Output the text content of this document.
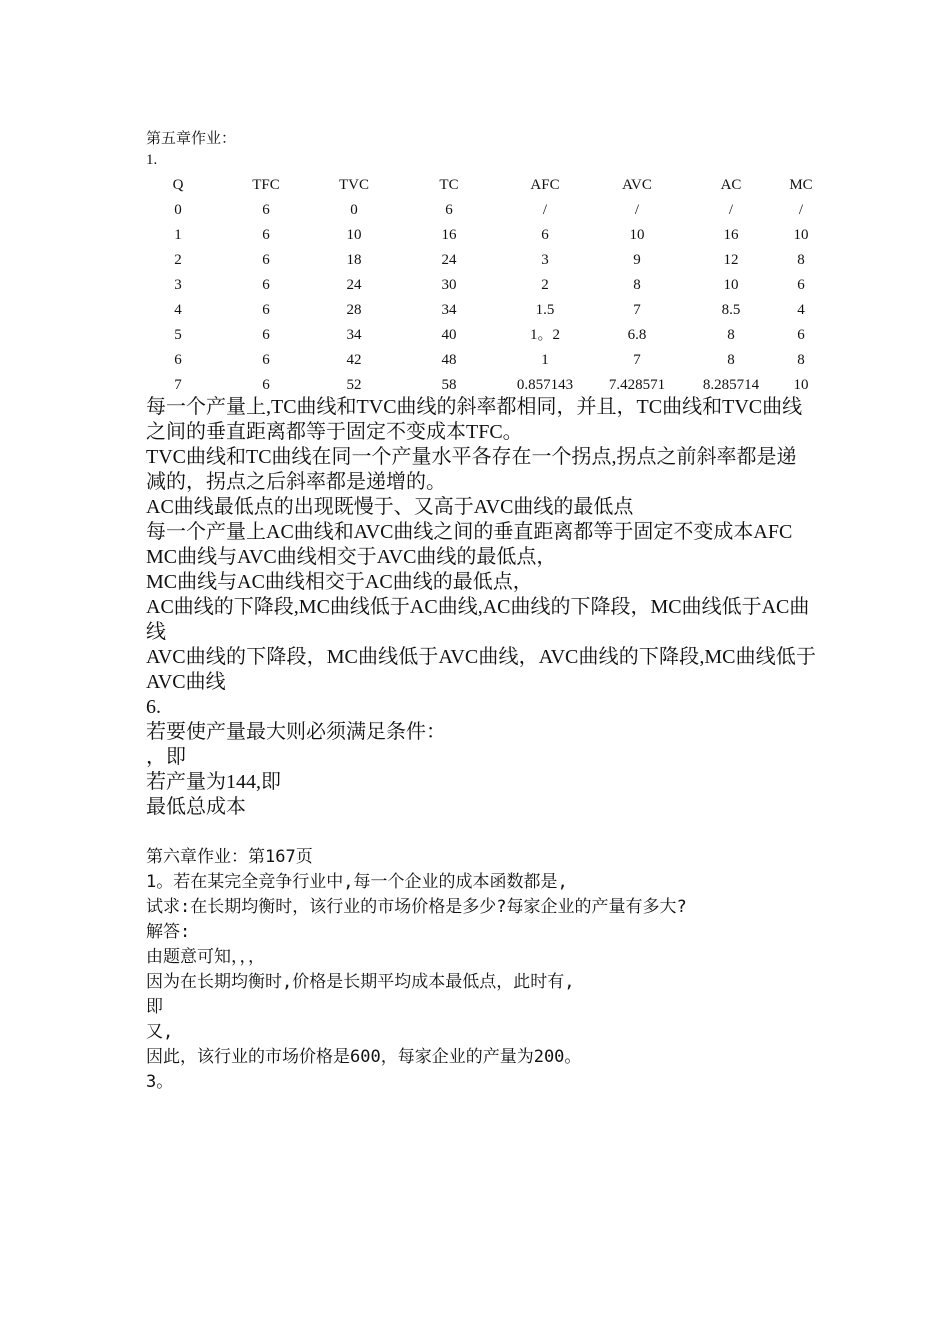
第五章作业：
1.
Q	TFC	TVC	TC	AFC	AVC	AC	MC
0	6	0	6	/	/	/	/
1	6	10	16	6	10	16	10
2	6	18	24	3	9	12	8
3	6	24	30	2	8	10	6
4	6	28	34	1.5	7	8.5	4
5	6	34	40	1。2	6.8	8	6
6	6	42	48	1	7	8	8
7	6	52	58	0.857143	7.428571	8.285714	10

每一个产量上,TC曲线和TVC曲线的斜率都相同，并且，TC曲线和TVC曲线之间的垂直距离都等于固定不变成本TFC。

TVC曲线和TC曲线在同一个产量水平各存在一个拐点,拐点之前斜率都是递减的，拐点之后斜率都是递增的。

AC曲线最低点的出现既慢于、又高于AVC曲线的最低点

每一个产量上AC曲线和AVC曲线之间的垂直距离都等于固定不变成本AFC

MC曲线与AVC曲线相交于AVC曲线的最低点，

MC曲线与AC曲线相交于AC曲线的最低点，

AC曲线的下降段,MC曲线低于AC曲线,AC曲线的下降段，MC曲线低于AC曲线

AVC曲线的下降段，MC曲线低于AVC曲线，AVC曲线的下降段,MC曲线低于AVC曲线

6.

若要使产量最大则必须满足条件：

，即

若产量为144,即

最低总成本

第六章作业：第167页

1。若在某完全竞争行业中,每一个企业的成本函数都是,

试求:在长期均衡时，该行业的市场价格是多少?每家企业的产量有多大?

解答:

由题意可知，，，

因为在长期均衡时,价格是长期平均成本最低点，此时有,

即

又,

因此，该行业的市场价格是600，每家企业的产量为200。

3。
